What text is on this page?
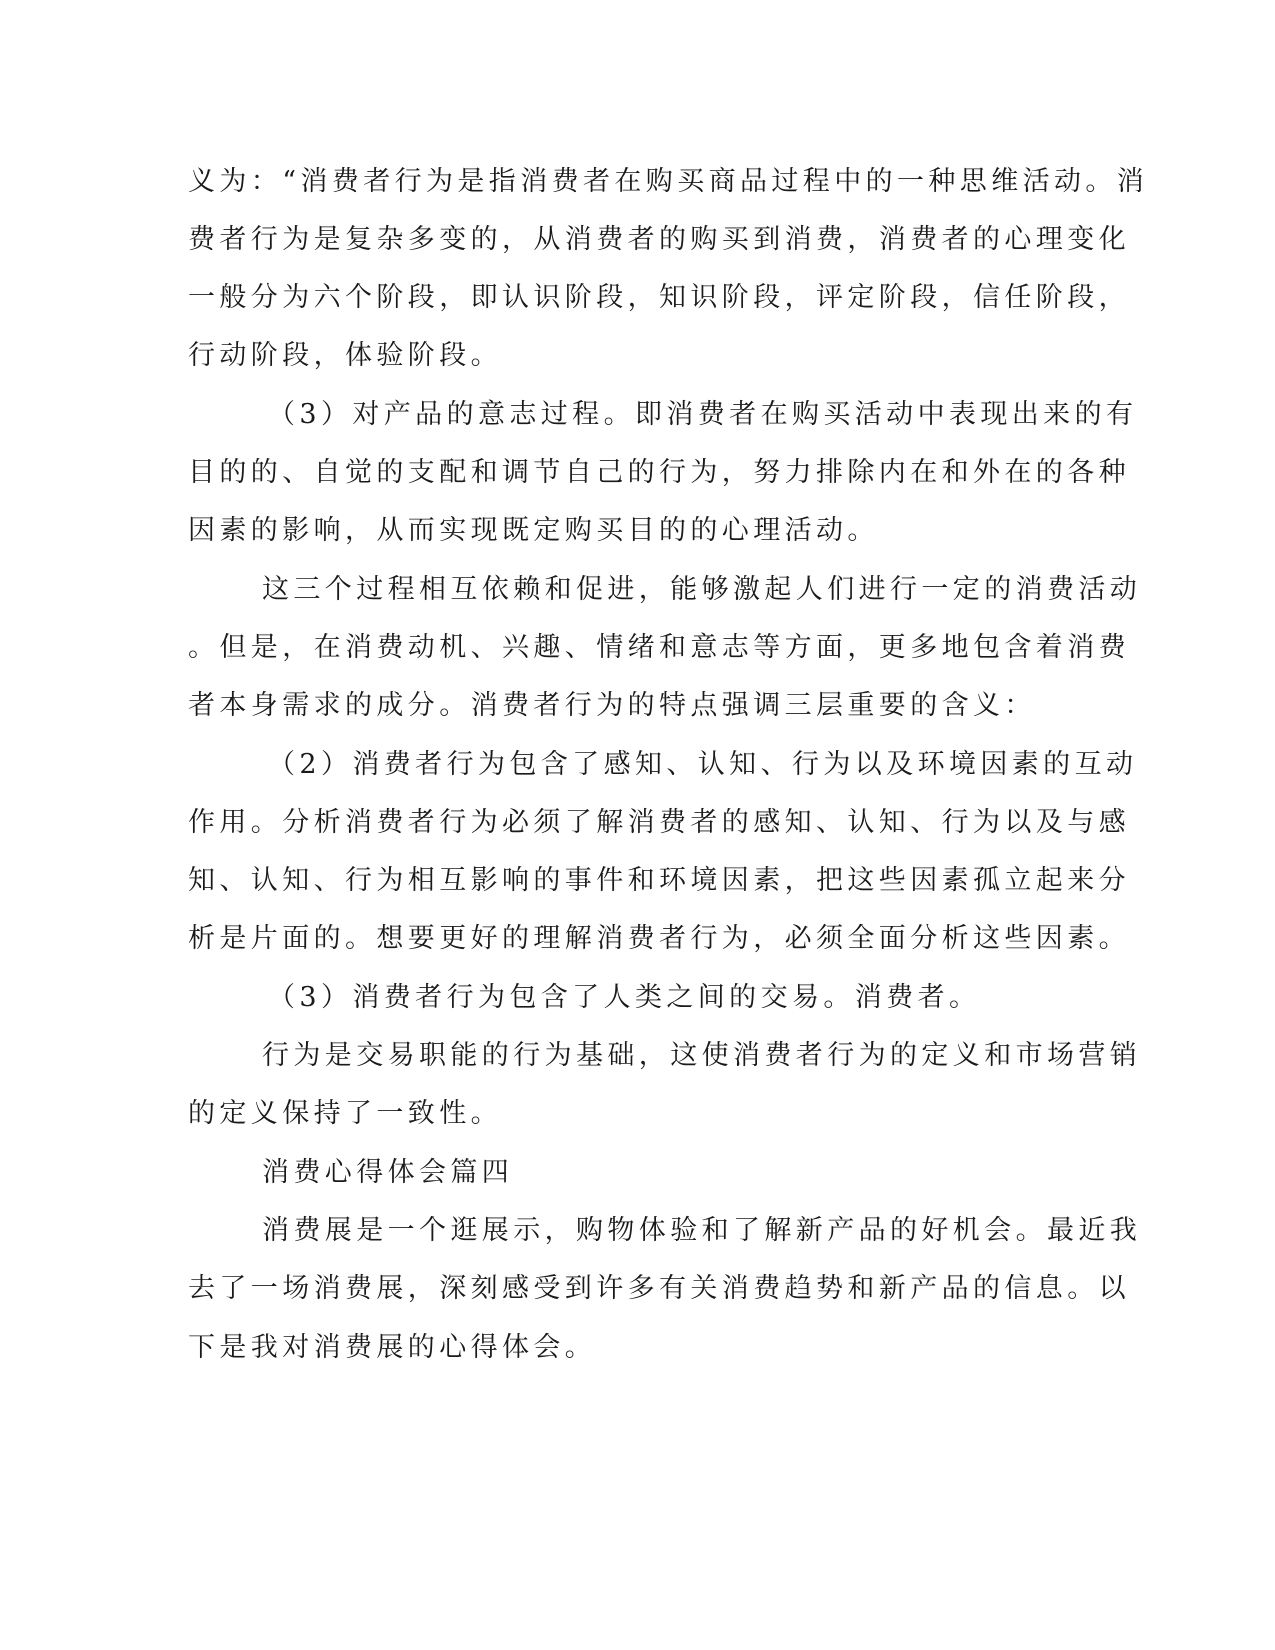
义为：“消费者行为是指消费者在购买商品过程中的一种思维活动。消

费者行为是复杂多变的，从消费者的购买到消费，消费者的心理变化

一般分为六个阶段，即认识阶段，知识阶段，评定阶段，信任阶段，

行动阶段，体验阶段。

（3）对产品的意志过程。即消费者在购买活动中表现出来的有

目的的、自觉的支配和调节自己的行为，努力排除内在和外在的各种

因素的影响，从而实现既定购买目的的心理活动。

这三个过程相互依赖和促进，能够激起人们进行一定的消费活动

。但是，在消费动机、兴趣、情绪和意志等方面，更多地包含着消费

者本身需求的成分。消费者行为的特点强调三层重要的含义：

（2）消费者行为包含了感知、认知、行为以及环境因素的互动

作用。分析消费者行为必须了解消费者的感知、认知、行为以及与感

知、认知、行为相互影响的事件和环境因素，把这些因素孤立起来分

析是片面的。想要更好的理解消费者行为，必须全面分析这些因素。

（3）消费者行为包含了人类之间的交易。消费者。

行为是交易职能的行为基础，这使消费者行为的定义和市场营销

的定义保持了一致性。

消费心得体会篇四

消费展是一个逛展示，购物体验和了解新产品的好机会。最近我

去了一场消费展，深刻感受到许多有关消费趋势和新产品的信息。以

下是我对消费展的心得体会。
